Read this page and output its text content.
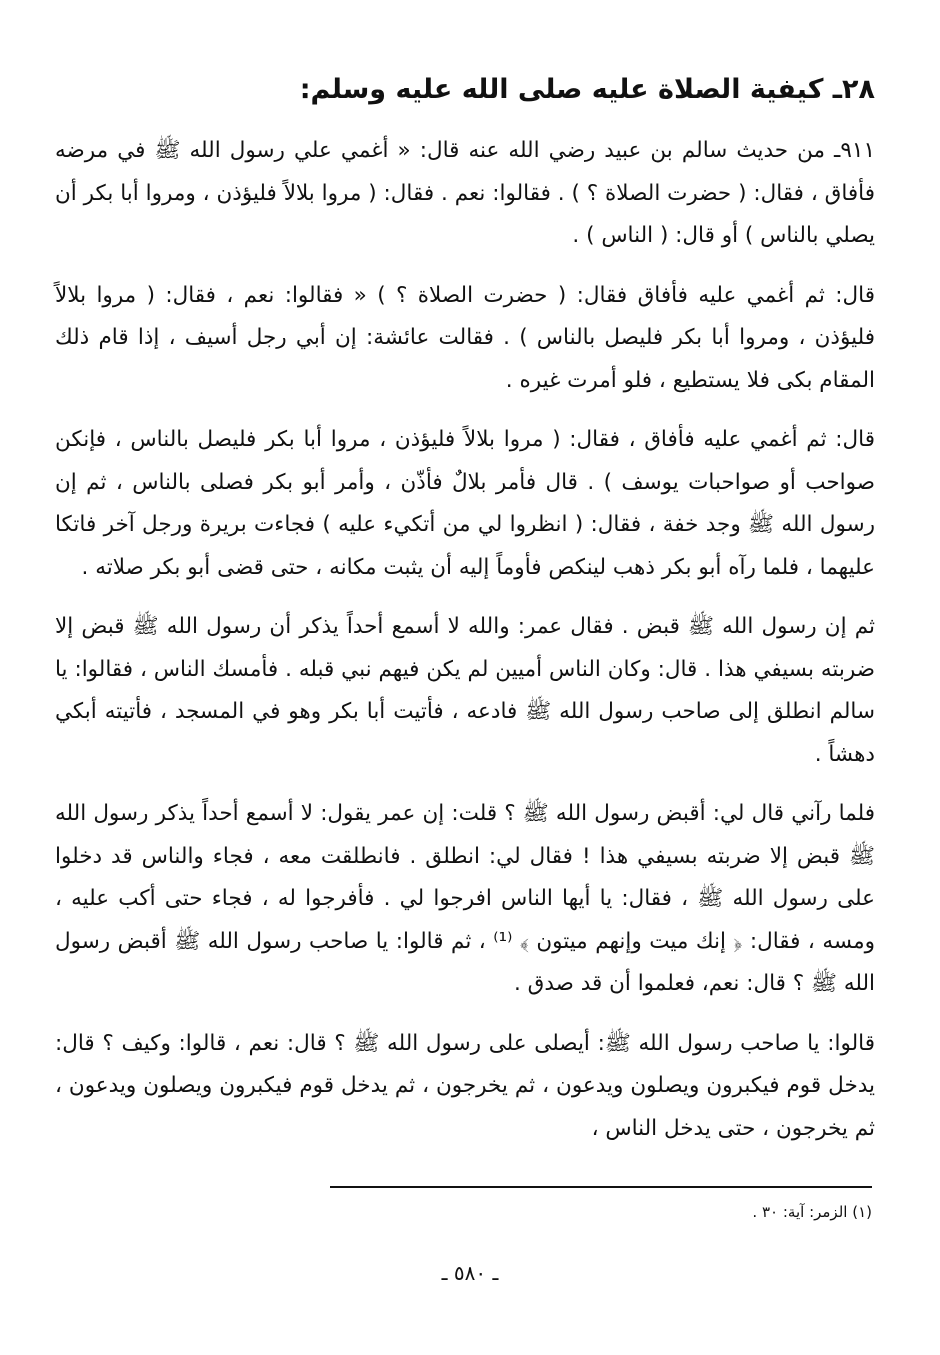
٢٨ـ كيفية الصلاة عليه صلى الله عليه وسلم:

٩١١ـ من حديث سالم بن عبيد رضي الله عنه قال: « أغمي علي رسول الله ﷺ في مرضه فأفاق ، فقال: ( حضرت الصلاة ؟ ) . فقالوا: نعم . فقال: ( مروا بلالاً فليؤذن ، ومروا أبا بكر أن يصلي بالناس ) أو قال: ( الناس ) .

قال: ثم أغمي عليه فأفاق فقال: ( حضرت الصلاة ؟ ) « فقالوا: نعم ، فقال: ( مروا بلالاً فليؤذن ، ومروا أبا بكر فليصل بالناس ) . فقالت عائشة: إن أبي رجل أسيف ، إذا قام ذلك المقام بكى فلا يستطيع ، فلو أمرت غيره .

قال: ثم أغمي عليه فأفاق ، فقال: ( مروا بلالاً فليؤذن ، مروا أبا بكر فليصل بالناس ، فإنكن صواحب أو صواحبات يوسف ) . قال فأمر بلالٌ فأذّن ، وأمر أبو بكر فصلى بالناس ، ثم إن رسول الله ﷺ وجد خفة ، فقال: ( انظروا لي من أتكيء عليه ) فجاءت بريرة ورجل آخر فاتكا عليهما ، فلما رآه أبو بكر ذهب لينكص فأوماً إليه أن يثبت مكانه ، حتى قضى أبو بكر صلاته .

ثم إن رسول الله ﷺ قبض . فقال عمر: والله لا أسمع أحداً يذكر أن رسول الله ﷺ قبض إلا ضربته بسيفي هذا . قال: وكان الناس أميين لم يكن فيهم نبي قبله . فأمسك الناس ، فقالوا: يا سالم انطلق إلى صاحب رسول الله ﷺ فادعه ، فأتيت أبا بكر وهو في المسجد ، فأتيته أبكي دهشاً .

فلما رآني قال لي: أقبض رسول الله ﷺ ؟ قلت: إن عمر يقول: لا أسمع أحداً يذكر رسول الله ﷺ قبض إلا ضربته بسيفي هذا ! فقال لي: انطلق . فانطلقت معه ، فجاء والناس قد دخلوا على رسول الله ﷺ ، فقال: يا أيها الناس افرجوا لي . فأفرجوا له ، فجاء حتى أكب عليه ، ومسه ، فقال: ﴿ إنك ميت وإنهم ميتون ﴾ ⁽¹⁾ ، ثم قالوا: يا صاحب رسول الله ﷺ أقبض رسول الله ﷺ ؟ قال: نعم، فعلموا أن قد صدق .

قالوا: يا صاحب رسول الله ﷺ: أيصلى على رسول الله ﷺ ؟ قال: نعم ، قالوا: وكيف ؟ قال: يدخل قوم فيكبرون ويصلون ويدعون ، ثم يخرجون ، ثم يدخل قوم فيكبرون ويصلون ويدعون ، ثم يخرجون ، حتى يدخل الناس ،

(١) الزمر: آية: ٣٠ .
ـ ٥٨٠ ـ
